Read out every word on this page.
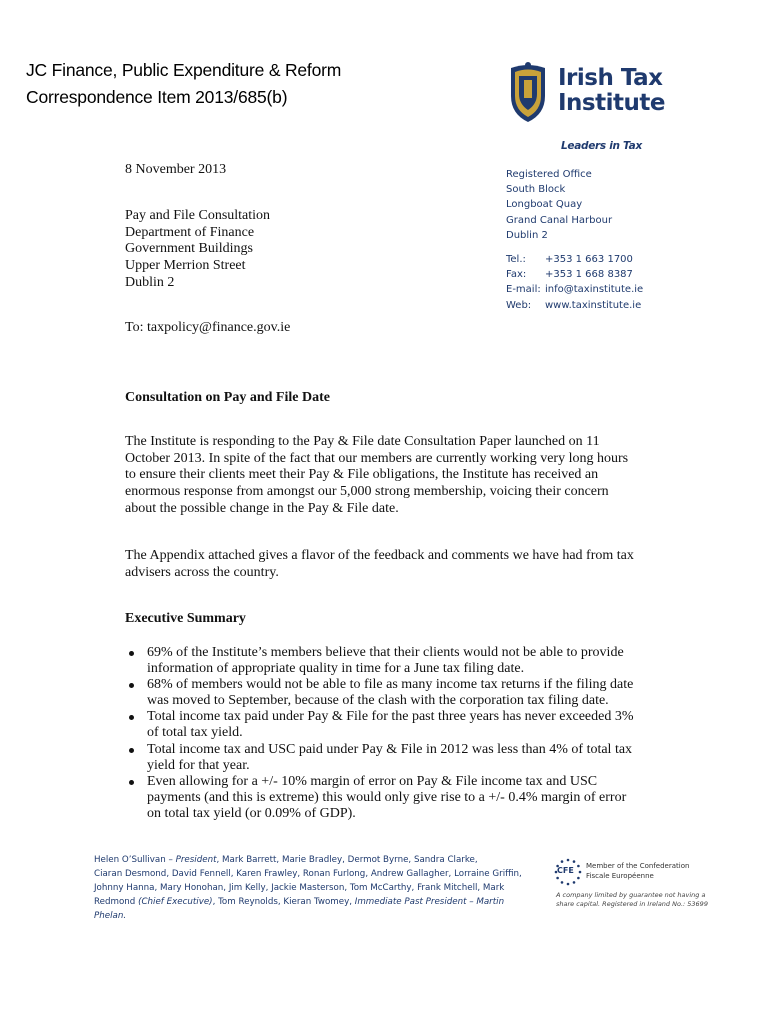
JC Finance, Public Expenditure & Reform
Correspondence Item 2013/685(b)
Irish Tax
Institute
Leaders in Tax
Registered Office
South Block
Longboat Quay
Grand Canal Harbour
Dublin 2
Tel.:	+353 1 663 1700
Fax:	+353 1 668 8387
E-mail: info@taxinstitute.ie
Web:	www.taxinstitute.ie
8 November 2013
Pay and File Consultation
Department of Finance
Government Buildings
Upper Merrion Street
Dublin 2
To: taxpolicy@finance.gov.ie
Consultation on Pay and File Date
The Institute is responding to the Pay & File date Consultation Paper launched on 11
October 2013. In spite of the fact that our members are currently working very long hours
to ensure their clients meet their Pay & File obligations, the Institute has received an
enormous response from amongst our 5,000 strong membership, voicing their concern
about the possible change in the Pay & File date.
The Appendix attached gives a flavor of the feedback and comments we have had from tax
advisers across the country.
Executive Summary
69% of the Institute’s members believe that their clients would not be able to provide
information of appropriate quality in time for a June tax filing date.
68% of members would not be able to file as many income tax returns if the filing date
was moved to September, because of the clash with the corporation tax filing date.
Total income tax paid under Pay & File for the past three years has never exceeded 3%
of total tax yield.
Total income tax and USC paid under Pay & File in 2012 was less than 4% of total tax
yield for that year.
Even allowing for a +/- 10% margin of error on Pay & File income tax and USC
payments (and this is extreme) this would only give rise to a +/- 0.4% margin of error
on total tax yield (or 0.09% of GDP).
Helen O’Sullivan – President, Mark Barrett, Marie Bradley, Dermot Byrne, Sandra Clarke,
Ciaran Desmond, David Fennell, Karen Frawley, Ronan Furlong, Andrew Gallagher, Lorraine Griffin,
Johnny Hanna, Mary Honohan, Jim Kelly, Jackie Masterson, Tom McCarthy, Frank Mitchell, Mark
Redmond (Chief Executive), Tom Reynolds, Kieran Twomey, Immediate Past President – Martin
Phelan.
CFE Member of the Confederation
Fiscale Européenne
A company limited by guarantee not having a
share capital. Registered in Ireland No.: 53699
